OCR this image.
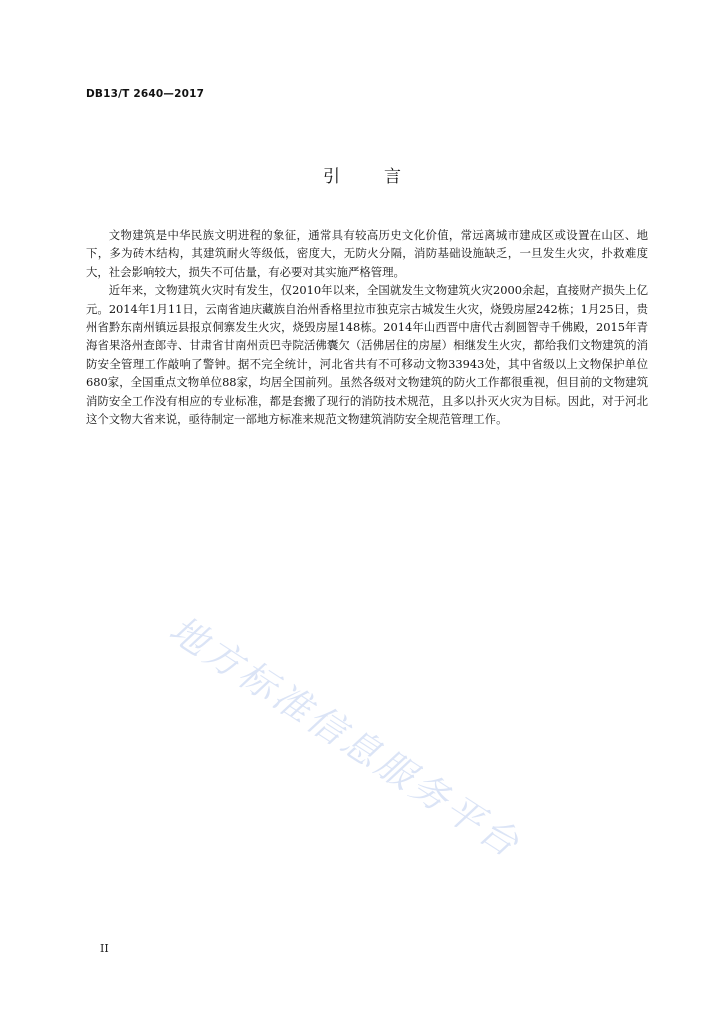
DB13/T 2640—2017
引	言

文物建筑是中华民族文明进程的象征，通常具有较高历史文化价值，常远离城市建成区或设置在山区、地下，多为砖木结构，其建筑耐火等级低，密度大，无防火分隔，消防基础设施缺乏，一旦发生火灾，扑救难度大，社会影响较大，损失不可估量，有必要对其实施严格管理。

近年来，文物建筑火灾时有发生，仅2010年以来，全国就发生文物建筑火灾2000余起，直接财产损失上亿元。2014年1月11日，云南省迪庆藏族自治州香格里拉市独克宗古城发生火灾，烧毁房屋242栋；1月25日，贵州省黔东南州镇远县报京侗寨发生火灾，烧毁房屋148栋。2014年山西晋中唐代古刹圆智寺千佛殿，2015年青海省果洛州查郎寺、甘肃省甘南州贡巴寺院活佛囊欠（活佛居住的房屋）相继发生火灾，都给我们文物建筑的消防安全管理工作敲响了警钟。据不完全统计，河北省共有不可移动文物33943处，其中省级以上文物保护单位680家，全国重点文物单位88家，均居全国前列。虽然各级对文物建筑的防火工作都很重视，但目前的文物建筑消防安全工作没有相应的专业标准，都是套搬了现行的消防技术规范，且多以扑灭火灾为目标。因此，对于河北这个文物大省来说，亟待制定一部地方标准来规范文物建筑消防安全规范管理工作。

地方标准信息服务平台
II
